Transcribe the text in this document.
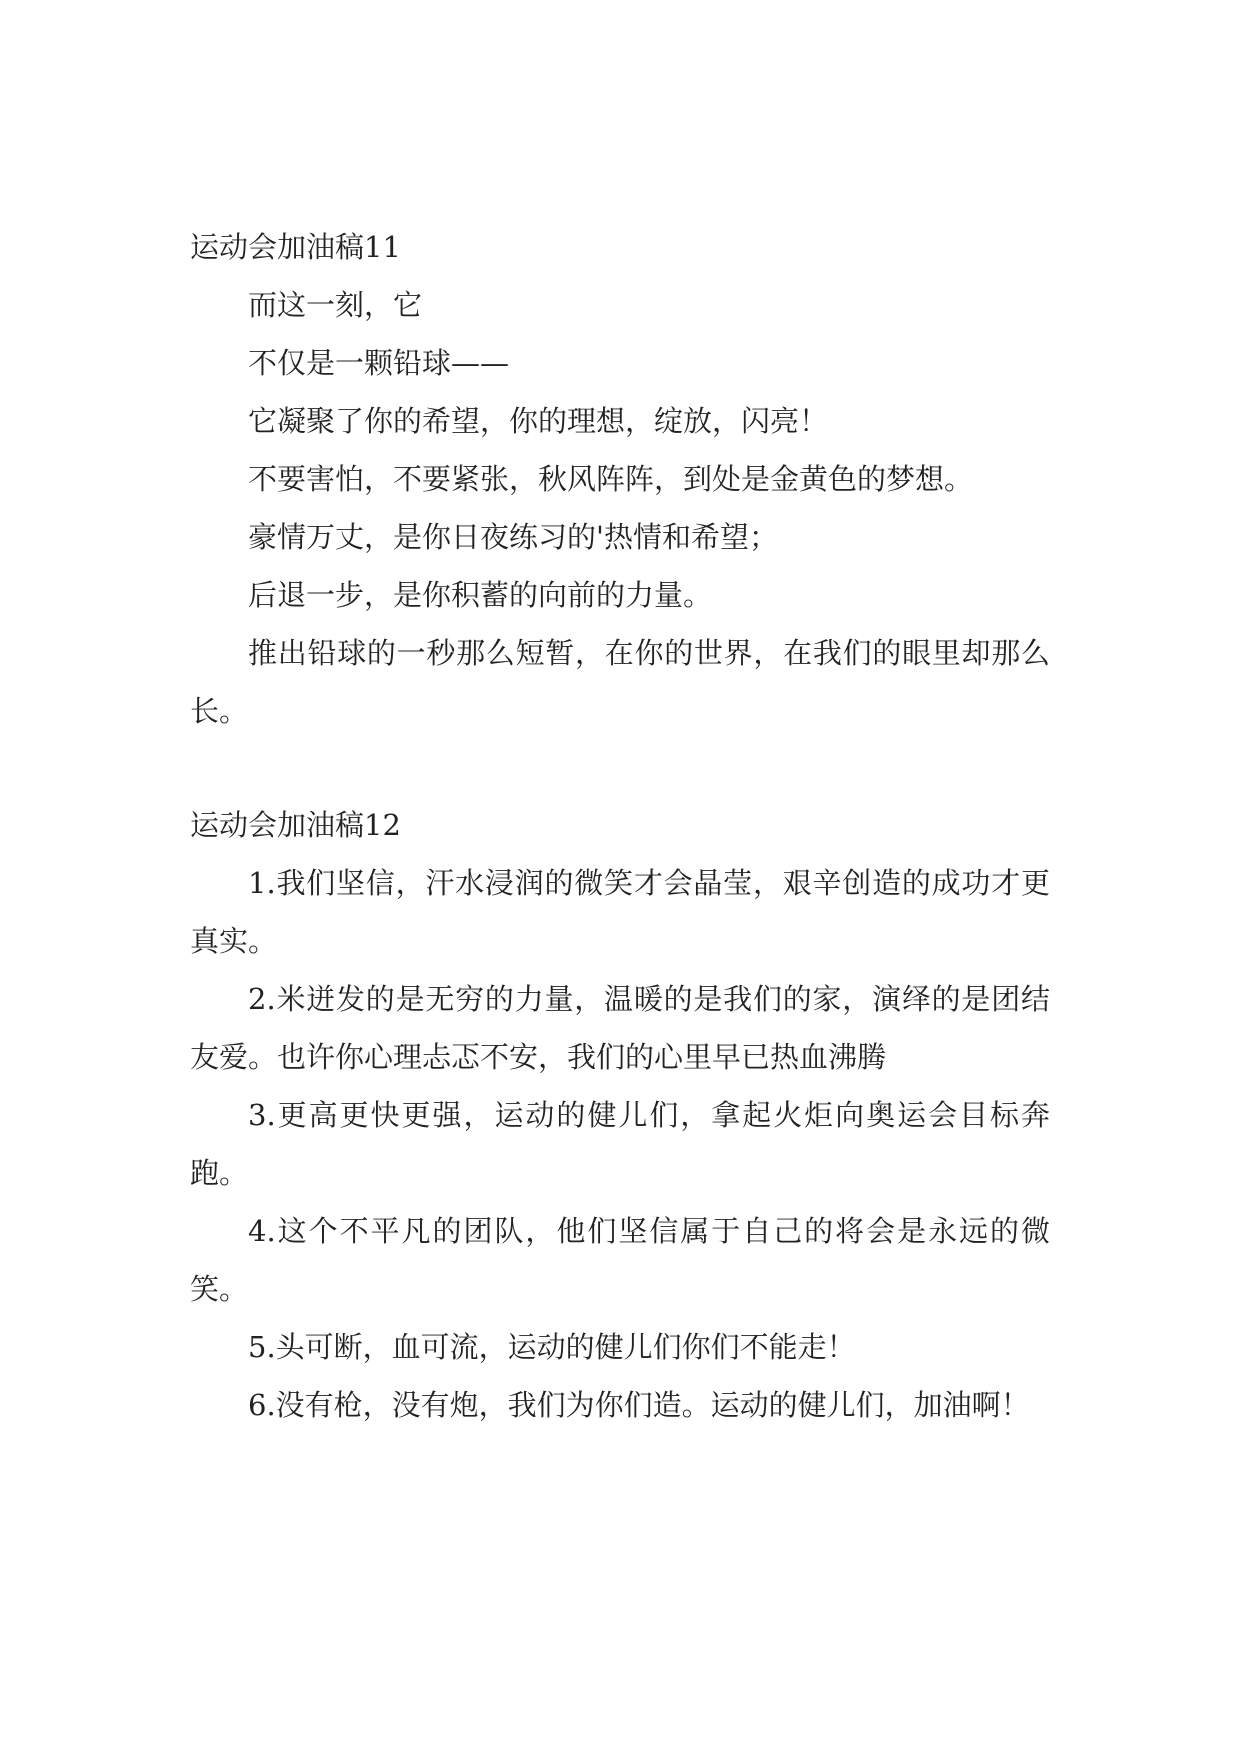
运动会加油稿11

而这一刻，它

不仅是一颗铅球——

它凝聚了你的希望，你的理想，绽放，闪亮！

不要害怕，不要紧张，秋风阵阵，到处是金黄色的梦想。

豪情万丈，是你日夜练习的'热情和希望；

后退一步，是你积蓄的向前的力量。

推出铅球的一秒那么短暂，在你的世界，在我们的眼里却那么长。

运动会加油稿12

1.我们坚信，汗水浸润的微笑才会晶莹，艰辛创造的成功才更真实。

2.米迸发的是无穷的力量，温暖的是我们的家，演绎的是团结友爱。也许你心理忐忑不安，我们的心里早已热血沸腾

3.更高更快更强，运动的健儿们，拿起火炬向奥运会目标奔跑。

4.这个不平凡的团队，他们坚信属于自己的将会是永远的微笑。

5.头可断，血可流，运动的健儿们你们不能走！

6.没有枪，没有炮，我们为你们造。运动的健儿们，加油啊！
